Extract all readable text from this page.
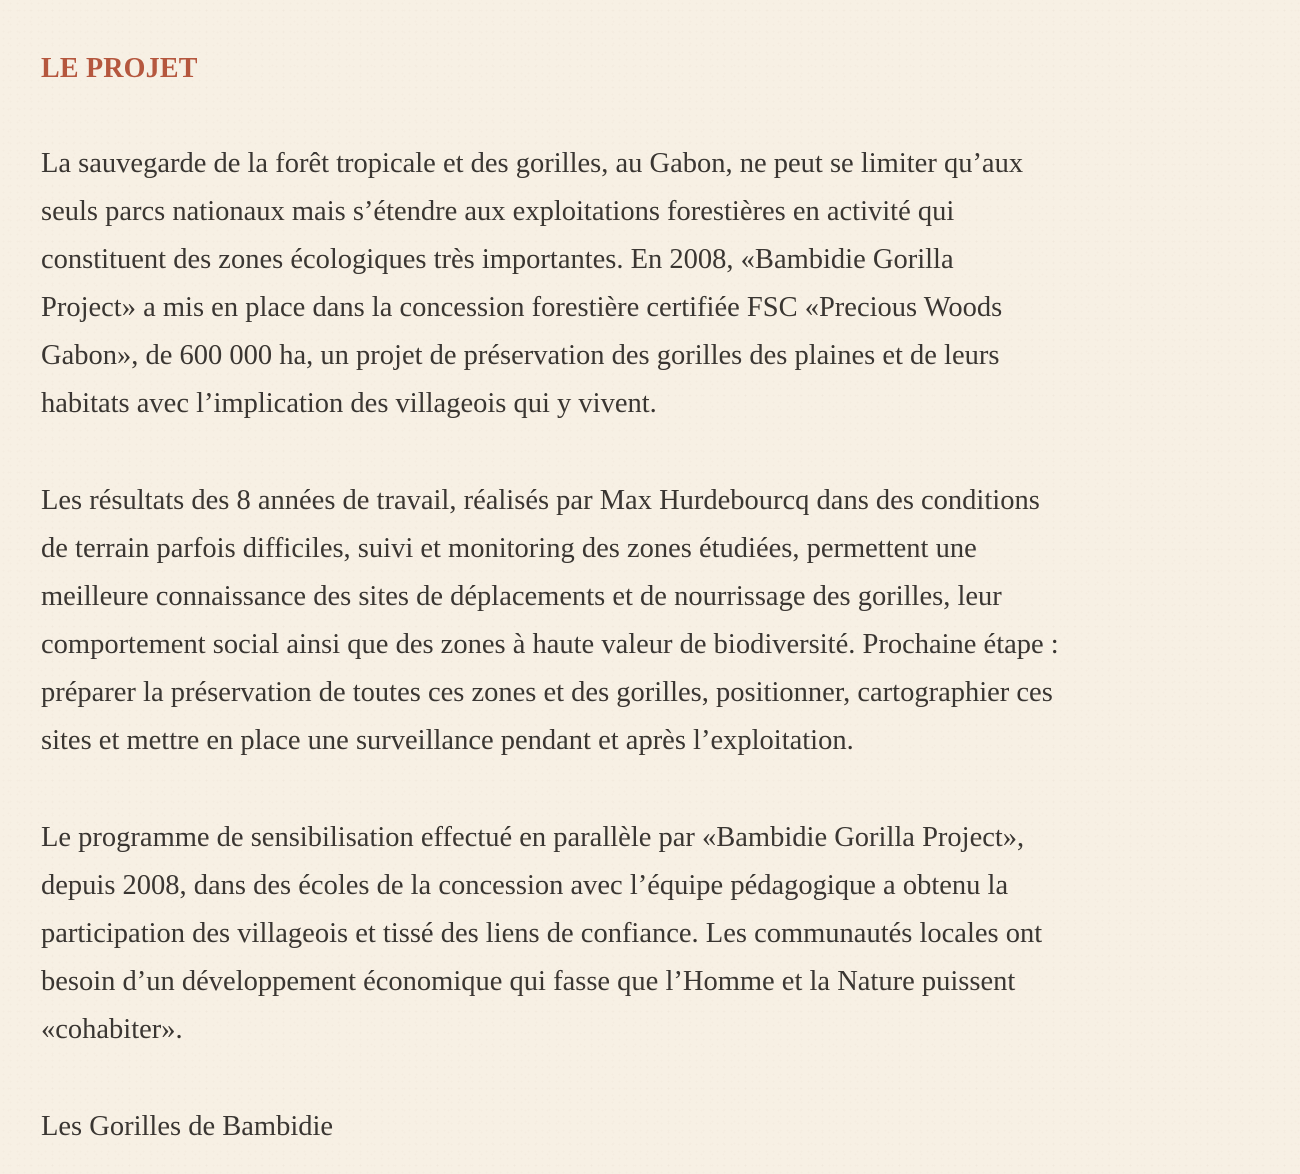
LE PROJET
La sauvegarde de la forêt tropicale et des gorilles, au Gabon, ne peut se limiter qu’aux
seuls parcs nationaux mais s’étendre aux exploitations forestières en activité qui
constituent des zones écologiques très importantes. En 2008, «Bambidie Gorilla
Project» a mis en place dans la concession forestière certifiée FSC «Precious Woods
Gabon», de 600 000 ha, un projet de préservation des gorilles des plaines et de leurs
habitats avec l’implication des villageois qui y vivent.
Les résultats des 8 années de travail, réalisés par Max Hurdebourcq dans des conditions
de terrain parfois difficiles, suivi et monitoring des zones étudiées, permettent une
meilleure connaissance des sites de déplacements et de nourrissage des gorilles, leur
comportement social ainsi que des zones à haute valeur de biodiversité. Prochaine étape :
préparer la préservation de toutes ces zones et des gorilles, positionner, cartographier ces
sites et mettre en place une surveillance pendant et après l’exploitation.
Le programme de sensibilisation effectué en parallèle par «Bambidie Gorilla Project»,
depuis 2008, dans des écoles de la concession avec l’équipe pédagogique a obtenu la
participation des villageois et tissé des liens de confiance. Les communautés locales ont
besoin d’un développement économique qui fasse que l’Homme et la Nature puissent
«cohabiter».
Les Gorilles de Bambidie
